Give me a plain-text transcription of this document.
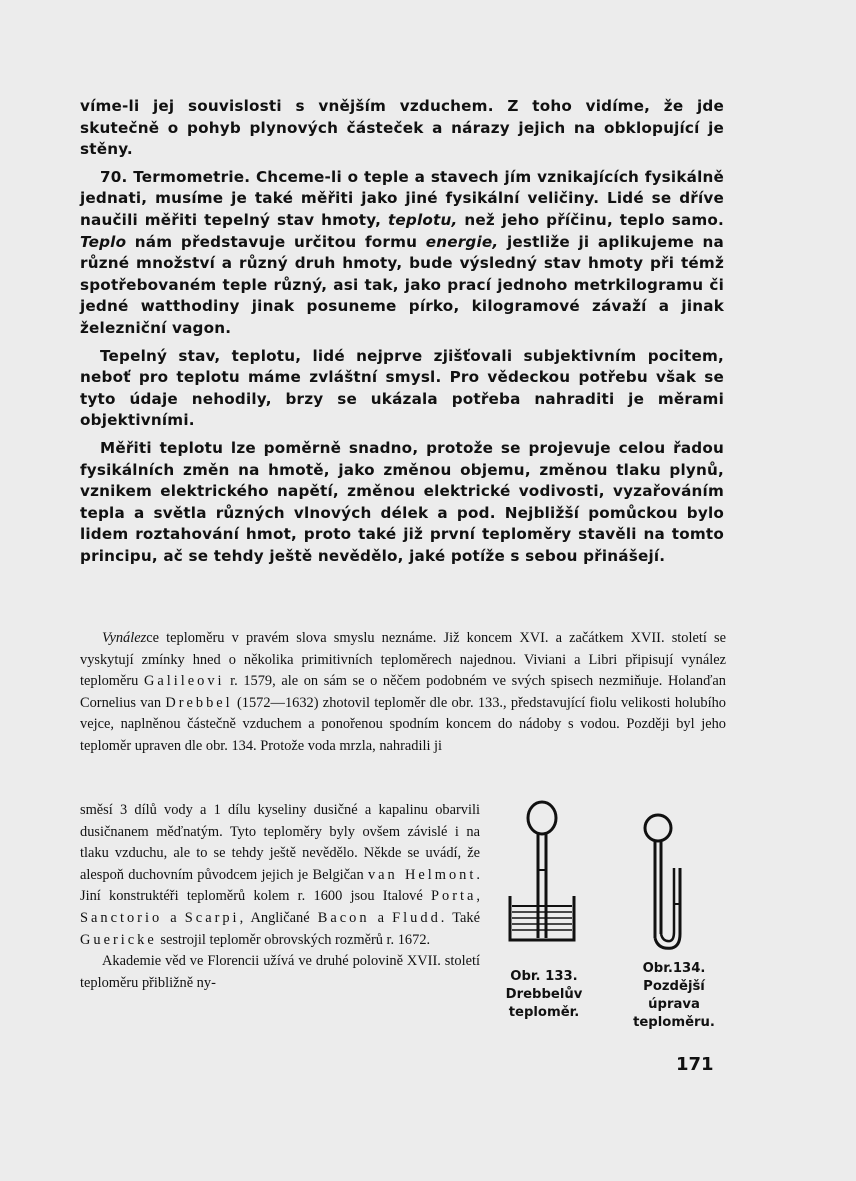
víme-li jej souvislosti s vnějším vzduchem. Z toho vidíme, že jde skutečně o pohyb plynových částeček a nárazy jejich na obklopující je stěny.

70. Termometrie. Chceme-li o teple a stavech jím vznikajících fysikálně jednati, musíme je také měřiti jako jiné fysikální veličiny. Lidé se dříve naučili měřiti tepelný stav hmoty, teplotu, než jeho příčinu, teplo samo. Teplo nám představuje určitou formu energie, jestliže ji aplikujeme na různé množství a různý druh hmoty, bude výsledný stav hmoty při témž spotřebovaném teple různý, asi tak, jako prací jednoho metrkilogramu či jedné watthodiny jinak posuneme pírko, kilogramové závaží a jinak železniční vagon.

Tepelný stav, teplotu, lidé nejprve zjišťovali subjektivním pocitem, neboť pro teplotu máme zvláštní smysl. Pro vědeckou potřebu však se tyto údaje nehodily, brzy se ukázala potřeba nahraditi je měrami objektivními.

Měřiti teplotu lze poměrně snadno, protože se projevuje celou řadou fysikálních změn na hmotě, jako změnou objemu, změnou tlaku plynů, vznikem elektrického napětí, změnou elektrické vodivosti, vyzařováním tepla a světla různých vlnových délek a pod. Nejbližší pomůckou bylo lidem roztahování hmot, proto také již první teploměry stavěli na tomto principu, ač se tehdy ještě nevědělo, jaké potíže s sebou přinášejí.

Vynálezce teploměru v pravém slova smyslu neznáme. Již koncem XVI. a začátkem XVII. století se vyskytují zmínky hned o několika primitivních teploměrech najednou. Viviani a Libri připisují vynález teploměru Galileovi r. 1579, ale on sám se o něčem podobném ve svých spisech nezmiňuje. Holanďan Cornelius van Drebbel (1572—1632) zhotovil teploměr dle obr. 133., představující fiolu velikosti holubího vejce, naplněnou částečně vzduchem a ponořenou spodním koncem do nádoby s vodou. Později byl jeho teploměr upraven dle obr. 134. Protože voda mrzla, nahradili ji

směsí 3 dílů vody a 1 dílu kyseliny dusičné a kapalinu obarvili dusičnanem měďnatým. Tyto teploměry byly ovšem závislé i na tlaku vzduchu, ale to se tehdy ještě nevědělo. Někde se uvádí, že alespoň duchovním původcem jejich je Belgičan van Helmont. Jiní konstruktéři teploměrů kolem r. 1600 jsou Italové Porta, Sanctorio a Scarpi, Angličané Bacon a Fludd. Také Guericke sestrojil teploměr obrovských rozměrů r. 1672.

Akademie věd ve Florencii užívá ve druhé polovině XVII. století teploměru přibližně ny-	Obr. 133.
Drebbelův
teploměr.
Obr.134.
Pozdější
úprava
teploměru.
171
